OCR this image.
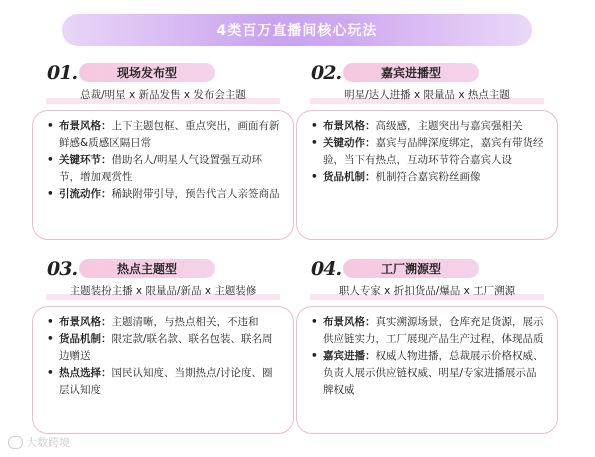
4类百万直播间核心玩法
01.	现场发布型
总裁/明星 x 新品发售 x 发布会主题
• 布景风格：上下主题包框、重点突出，画面有新鲜感&质感区隔日常
• 关键环节：借助名人/明星人气设置强互动环节，增加观赏性
• 引流动作：稀缺附带引导，预告代言人亲签商品
02.	嘉宾进播型
明星/达人进播 x 限量品 x 热点主题
• 布景风格：高级感，主题突出与嘉宾强相关
• 关键动作：嘉宾与品牌深度绑定，嘉宾有带货经验，当下有热点，互动环节符合嘉宾人设
• 货品机制：机制符合嘉宾粉丝画像
03.	热点主题型
主题装扮主播 x 限量品/新品 x 主题装修
• 布景风格：主题清晰，与热点相关，不违和
• 货品机制：限定款/联名款、联名包装、联名周边赠送
• 热点选择：国民认知度、当期热点/讨论度、圈层认知度
04.	工厂溯源型
职人专家 x 折扣货品/爆品 x 工厂溯源
• 布景风格：真实溯源场景，仓库充足货源，展示供应链实力，工厂展现产品生产过程，体现品质
• 嘉宾进播：权威人物进播，总裁展示价格权威、负责人展示供应链权威、明星/专家进播展示品牌权威
大数跨境
